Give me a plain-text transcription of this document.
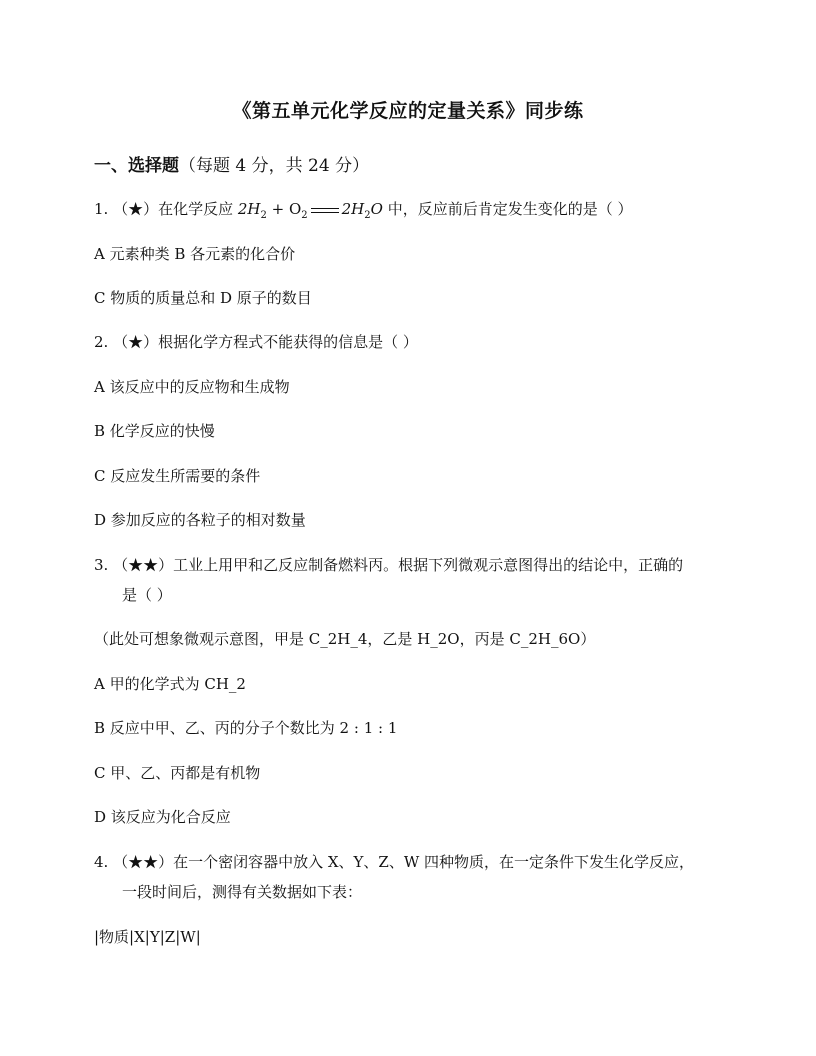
《第五单元化学反应的定量关系》同步练
一、选择题（每题 4 分，共 24 分）
1. （★）在化学反应 $2H_2 + O_2$ $2H_2O$ 中，反应前后肯定发生变化的是（ ）
A 元素种类 B 各元素的化合价
C 物质的质量总和 D 原子的数目
2. （★）根据化学方程式不能获得的信息是（ ）
A 该反应中的反应物和生成物
B 化学反应的快慢
C 反应发生所需要的条件
D 参加反应的各粒子的相对数量
3. （★★）工业上用甲和乙反应制备燃料丙。根据下列微观示意图得出的结论中，正确的
是（ ）
（此处可想象微观示意图，甲是 C_2H_4，乙是 H_2O，丙是 C_2H_6O）
A 甲的化学式为 CH_2
B 反应中甲、乙、丙的分子个数比为 2 : 1 : 1
C 甲、乙、丙都是有机物
D 该反应为化合反应
4. （★★）在一个密闭容器中放入 X、Y、Z、W 四种物质，在一定条件下发生化学反应，
一段时间后，测得有关数据如下表：
|物质|X|Y|Z|W|
